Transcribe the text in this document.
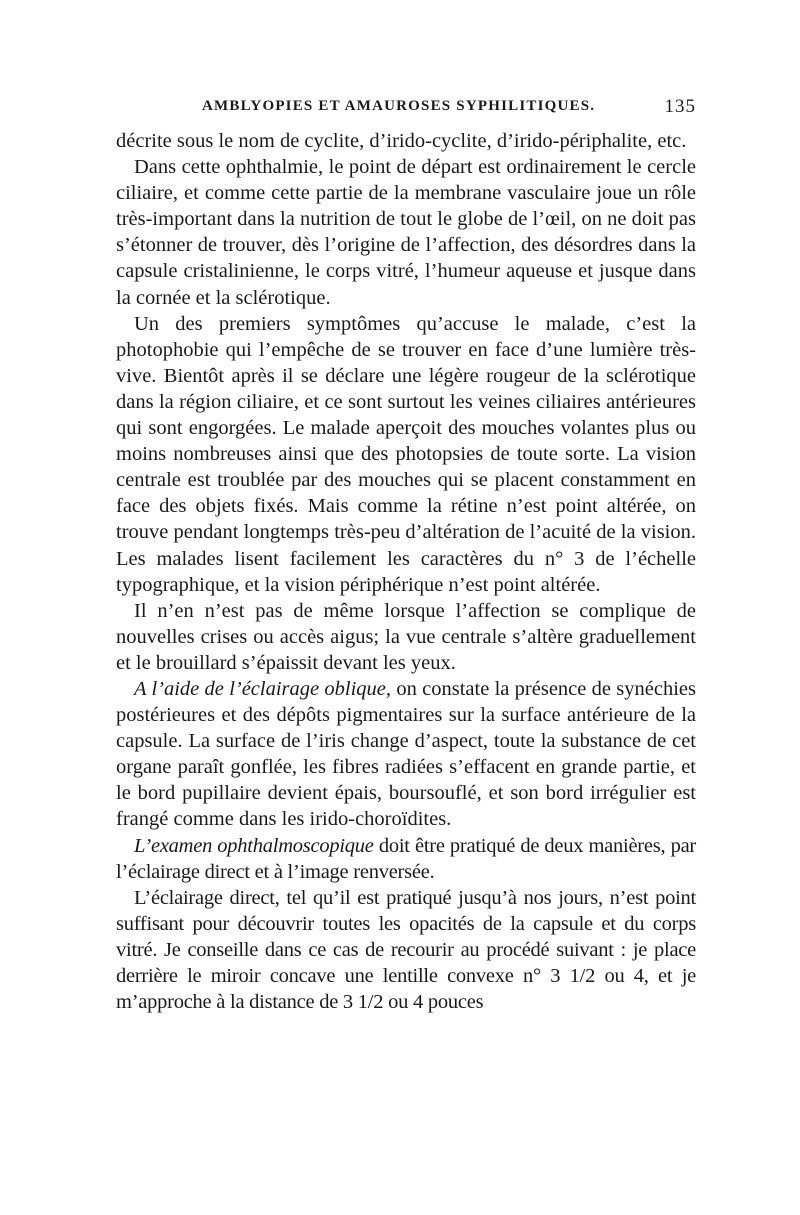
AMBLYOPIES ET AMAUROSES SYPHILITIQUES.	135

décrite sous le nom de cyclite, d’irido-cyclite, d’irido-périphalite, etc.

Dans cette ophthalmie, le point de départ est ordinairement le cercle ciliaire, et comme cette partie de la membrane vasculaire joue un rôle très-important dans la nutrition de tout le globe de l’œil, on ne doit pas s’étonner de trouver, dès l’origine de l’affection, des désordres dans la capsule cristalinienne, le corps vitré, l’humeur aqueuse et jusque dans la cornée et la sclérotique.

Un des premiers symptômes qu’accuse le malade, c’est la photophobie qui l’empêche de se trouver en face d’une lumière très-vive. Bientôt après il se déclare une légère rougeur de la sclérotique dans la région ciliaire, et ce sont surtout les veines ciliaires antérieures qui sont engorgées. Le malade aperçoit des mouches volantes plus ou moins nombreuses ainsi que des photopsies de toute sorte. La vision centrale est troublée par des mouches qui se placent constamment en face des objets fixés. Mais comme la rétine n’est point altérée, on trouve pendant longtemps très-peu d’altération de l’acuité de la vision. Les malades lisent facilement les caractères du n° 3 de l’échelle typographique, et la vision périphérique n’est point altérée.

Il n’en n’est pas de même lorsque l’affection se complique de nouvelles crises ou accès aigus; la vue centrale s’altère graduellement et le brouillard s’épaissit devant les yeux.

A l’aide de l’éclairage oblique, on constate la présence de synéchies postérieures et des dépôts pigmentaires sur la surface antérieure de la capsule. La surface de l’iris change d’aspect, toute la substance de cet organe paraît gonflée, les fibres radiées s’effacent en grande partie, et le bord pupillaire devient épais, boursouflé, et son bord irrégulier est frangé comme dans les irido-choroïdites.

L’examen ophthalmoscopique doit être pratiqué de deux manières, par l’éclairage direct et à l’image renversée.

L’éclairage direct, tel qu’il est pratiqué jusqu’à nos jours, n’est point suffisant pour découvrir toutes les opacités de la capsule et du corps vitré. Je conseille dans ce cas de recourir au procédé suivant : je place derrière le miroir concave une lentille convexe n° 3 1/2 ou 4, et je m’approche à la distance de 3 1/2 ou 4 pouces
